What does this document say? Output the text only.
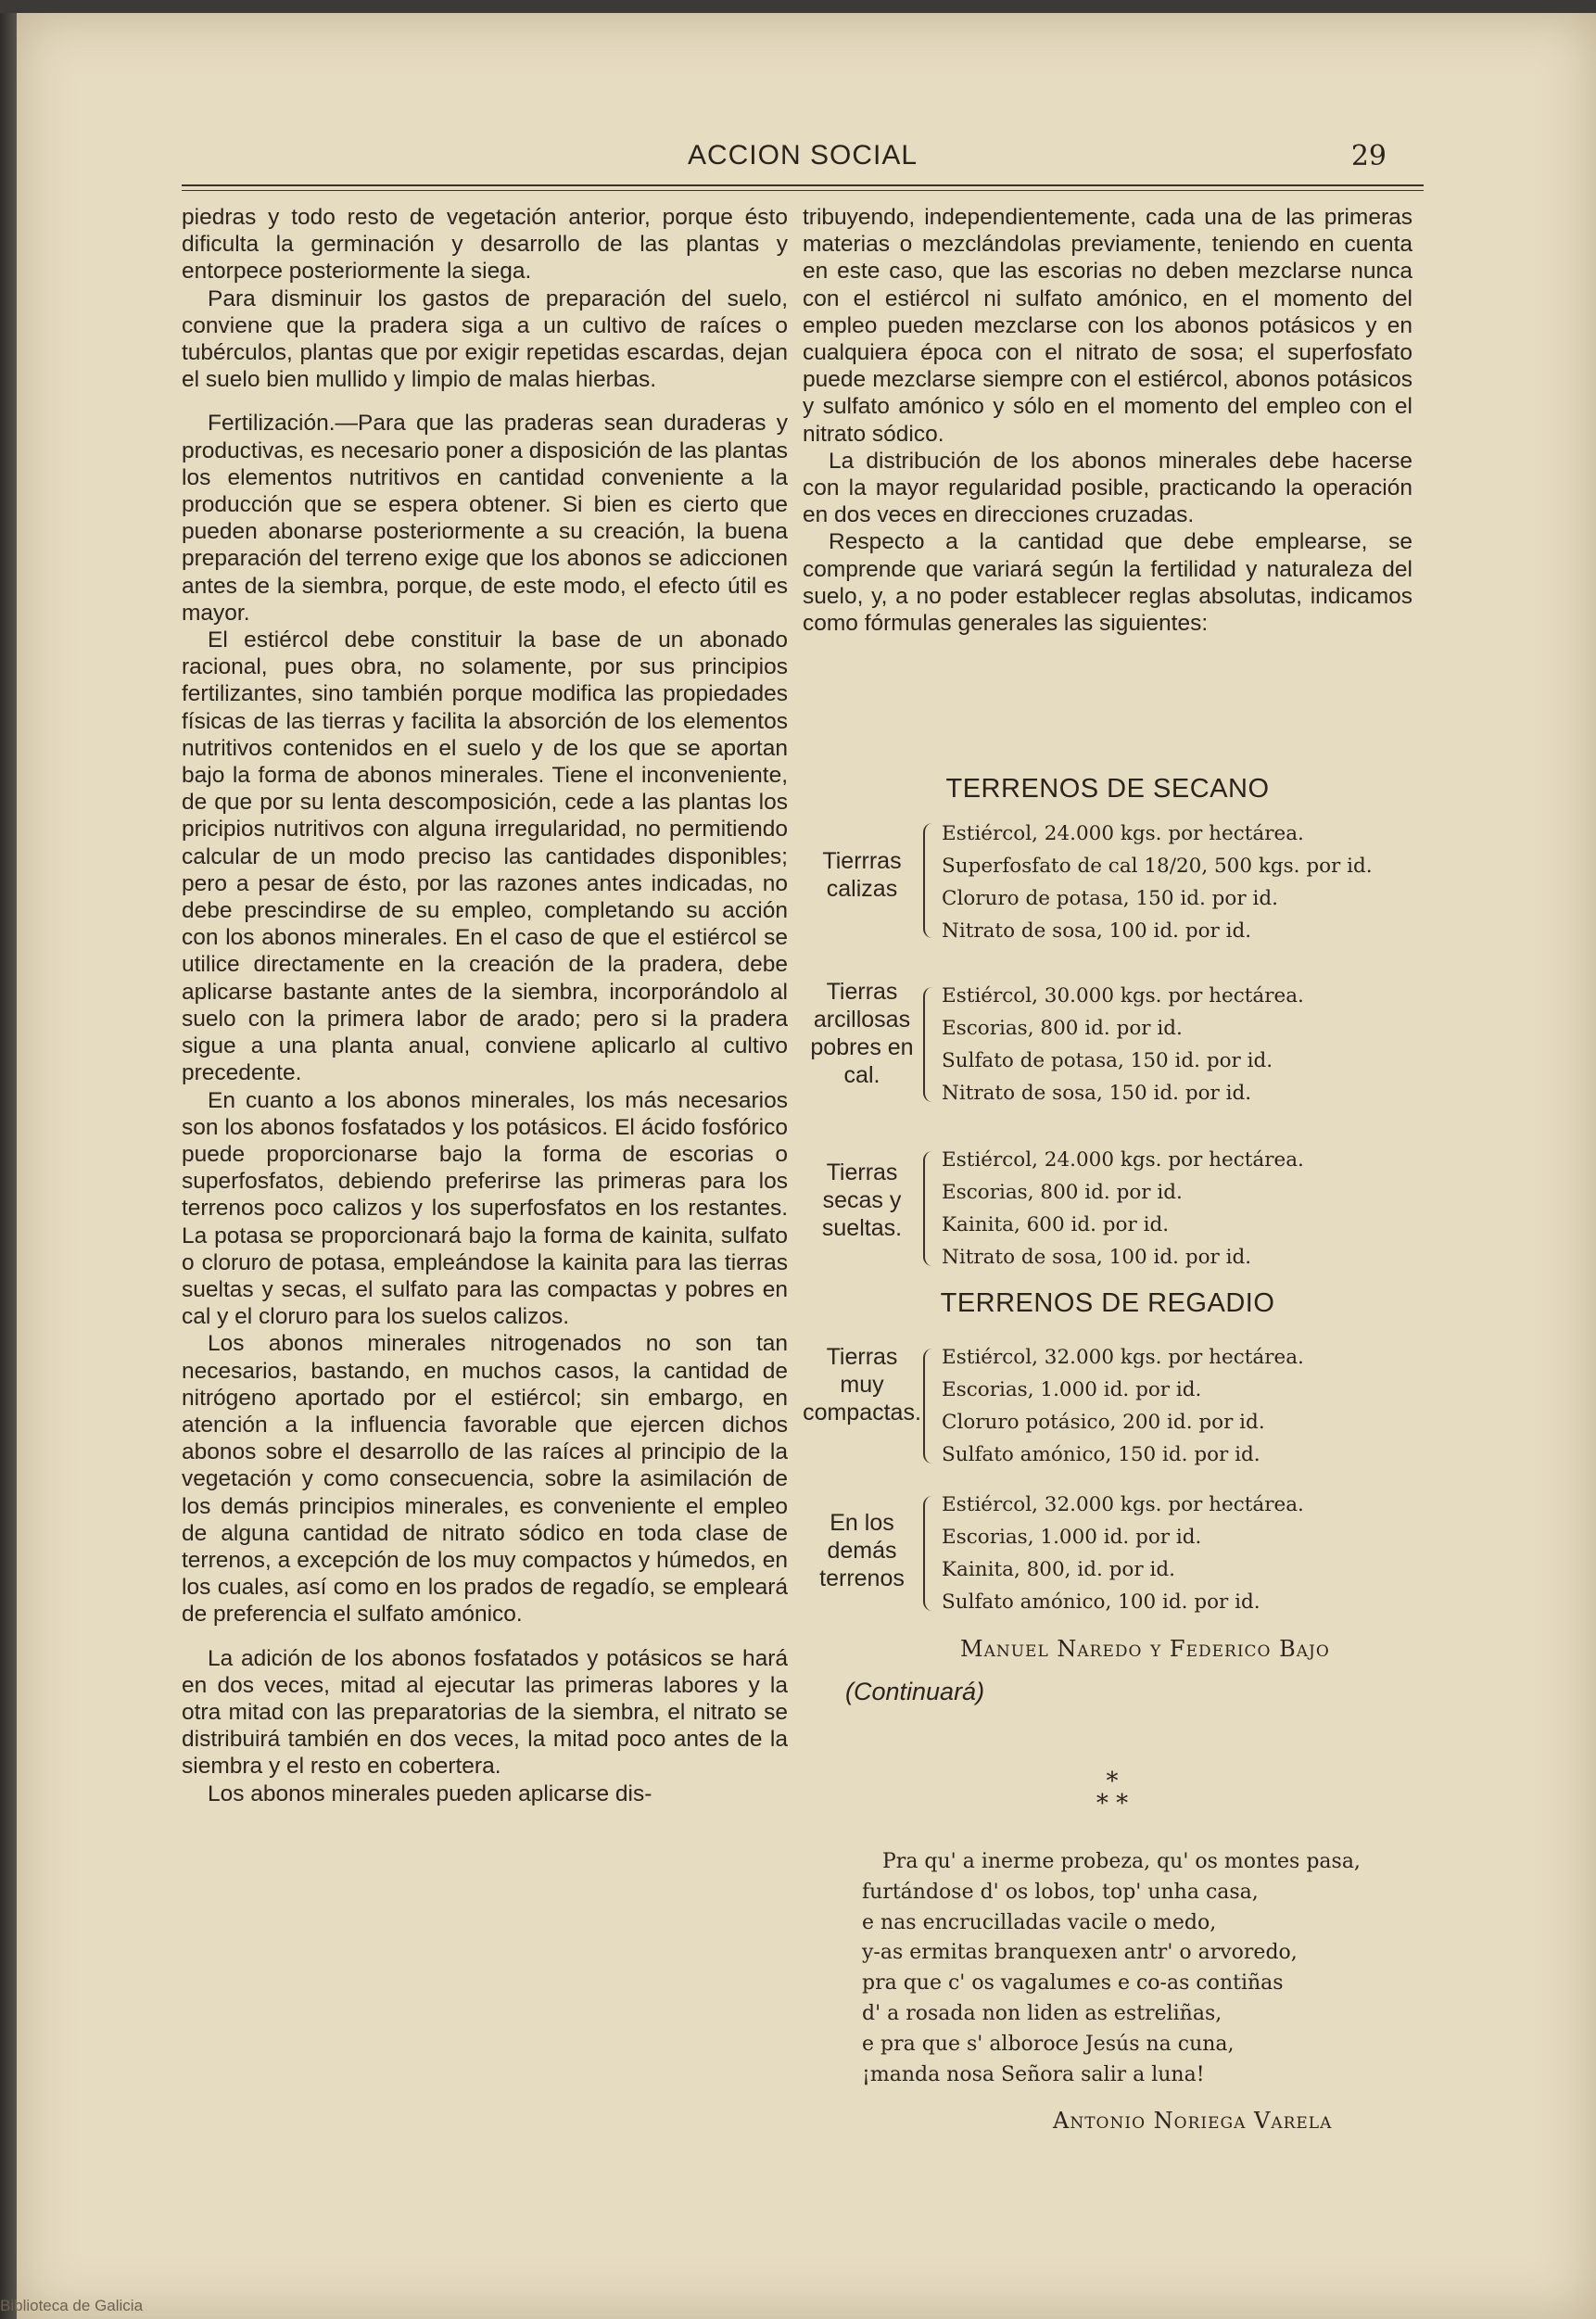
ACCION SOCIAL	29

piedras y todo resto de vegetación anterior, porque ésto dificulta la germinación y desarrollo de las plantas y entorpece posteriormente la siega.

Para disminuir los gastos de preparación del suelo, conviene que la pradera siga a un cultivo de raíces o tubérculos, plantas que por exigir repetidas escardas, dejan el suelo bien mullido y limpio de malas hierbas.

Fertilización.—Para que las praderas sean duraderas y productivas, es necesario poner a disposición de las plantas los elementos nutritivos en cantidad conveniente a la producción que se espera obtener. Si bien es cierto que pueden abonarse posteriormente a su creación, la buena preparación del terreno exige que los abonos se adiccionen antes de la siembra, porque, de este modo, el efecto útil es mayor.

El estiércol debe constituir la base de un abonado racional, pues obra, no solamente, por sus principios fertilizantes, sino también porque modifica las propiedades físicas de las tierras y facilita la absorción de los elementos nutritivos contenidos en el suelo y de los que se aportan bajo la forma de abonos minerales. Tiene el inconveniente, de que por su lenta descomposición, cede a las plantas los pricipios nutritivos con alguna irregularidad, no permitiendo calcular de un modo preciso las cantidades disponibles; pero a pesar de ésto, por las razones antes indicadas, no debe prescindirse de su empleo, completando su acción con los abonos minerales. En el caso de que el estiércol se utilice directamente en la creación de la pradera, debe aplicarse bastante antes de la siembra, incorporándolo al suelo con la primera labor de arado; pero si la pradera sigue a una planta anual, conviene aplicarlo al cultivo precedente.

En cuanto a los abonos minerales, los más necesarios son los abonos fosfatados y los potásicos. El ácido fosfórico puede proporcionarse bajo la forma de escorias o superfosfatos, debiendo preferirse las primeras para los terrenos poco calizos y los superfosfatos en los restantes. La potasa se proporcionará bajo la forma de kainita, sulfato o cloruro de potasa, empleándose la kainita para las tierras sueltas y secas, el sulfato para las compactas y pobres en cal y el cloruro para los suelos calizos.

Los abonos minerales nitrogenados no son tan necesarios, bastando, en muchos casos, la cantidad de nitrógeno aportado por el estiércol; sin embargo, en atención a la influencia favorable que ejercen dichos abonos sobre el desarrollo de las raíces al principio de la vegetación y como consecuencia, sobre la asimilación de los demás principios minerales, es conveniente el empleo de alguna cantidad de nitrato sódico en toda clase de terrenos, a excepción de los muy compactos y húmedos, en los cuales, así como en los prados de regadío, se empleará de preferencia el sulfato amónico.

La adición de los abonos fosfatados y potásicos se hará en dos veces, mitad al ejecutar las primeras labores y la otra mitad con las preparatorias de la siembra, el nitrato se distribuirá también en dos veces, la mitad poco antes de la siembra y el resto en cobertera.

Los abonos minerales pueden aplicarse dis-

tribuyendo, independientemente, cada una de las primeras materias o mezclándolas previamente, teniendo en cuenta en este caso, que las escorias no deben mezclarse nunca con el estiércol ni sulfato amónico, en el momento del empleo pueden mezclarse con los abonos potásicos y en cualquiera época con el nitrato de sosa; el superfosfato puede mezclarse siempre con el estiércol, abonos potásicos y sulfato amónico y sólo en el momento del empleo con el nitrato sódico.

La distribución de los abonos minerales debe hacerse con la mayor regularidad posible, practicando la operación en dos veces en direcciones cruzadas.

Respecto a la cantidad que debe emplearse, se comprende que variará según la fertilidad y naturaleza del suelo, y, a no poder establecer reglas absolutas, indicamos como fórmulas generales las siguientes:

TERRENOS DE SECANO
Tierrras calizas
Estiércol, 24.000 kgs. por hectárea.
Superfosfato de cal 18/20, 500 kgs. por id.
Cloruro de potasa, 150 id. por id.
Nitrato de sosa, 100 id. por id.
Tierras arcillosas pobres en cal.
Estiércol, 30.000 kgs. por hectárea.
Escorias, 800 id. por id.
Sulfato de potasa, 150 id. por id.
Nitrato de sosa, 150 id. por id.
Tierras secas y sueltas.
Estiércol, 24.000 kgs. por hectárea.
Escorias, 800 id. por id.
Kainita, 600 id. por id.
Nitrato de sosa, 100 id. por id.
TERRENOS DE REGADIO
Tierras muy compactas.
Estiércol, 32.000 kgs. por hectárea.
Escorias, 1.000 id. por id.
Cloruro potásico, 200 id. por id.
Sulfato amónico, 150 id. por id.
En los demás terrenos
Estiércol, 32.000 kgs. por hectárea.
Escorias, 1.000 id. por id.
Kainita, 800, id. por id.
Sulfato amónico, 100 id. por id.
Manuel Naredo y Federico Bajo
(Continuará)
*
* *
Pra qu' a inerme probeza, qu' os montes pasa,
furtándose d' os lobos, top' unha casa,
e nas encrucilladas vacile o medo,
y-as ermitas branquexen antr' o arvoredo,
pra que c' os vagalumes e co-as contiñas
d' a rosada non liden as estreliñas,
e pra que s' alboroce Jesús na cuna,
¡manda nosa Señora salir a luna!
Antonio Noriega Varela
Biblioteca de Galicia
